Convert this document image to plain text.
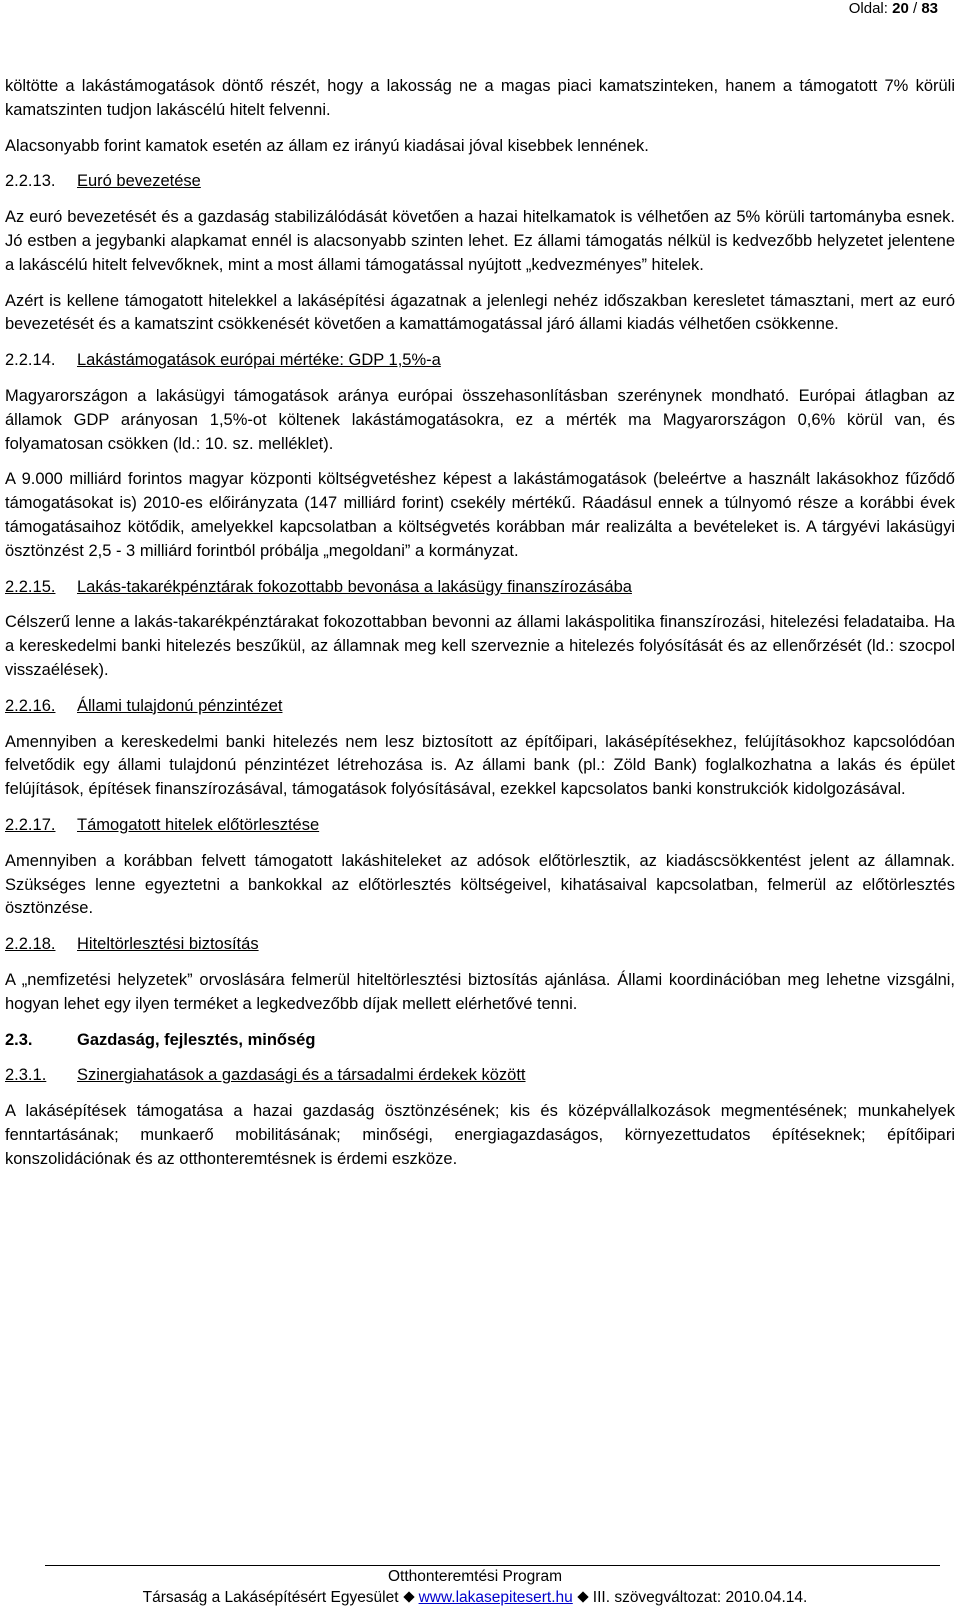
Oldal: 20 / 83

költötte a lakástámogatások döntő részét, hogy a lakosság ne a magas piaci kamatszinteken, hanem a támogatott 7% körüli kamatszinten tudjon lakáscélú hitelt felvenni.

Alacsonyabb forint kamatok esetén az állam ez irányú kiadásai jóval kisebbek lennének.

2.2.13.	Euró bevezetése

Az euró bevezetését és a gazdaság stabilizálódását követően a hazai hitelkamatok is vélhetően az 5% körüli tartományba esnek. Jó estben a jegybanki alapkamat ennél is alacsonyabb szinten lehet. Ez állami támogatás nélkül is kedvezőbb helyzetet jelentene a lakáscélú hitelt felvevőknek, mint a most állami támogatással nyújtott „kedvezményes” hitelek.

Azért is kellene támogatott hitelekkel a lakásépítési ágazatnak a jelenlegi nehéz időszakban keresletet támasztani, mert az euró bevezetését és a kamatszint csökkenését követően a kamattámogatással járó állami kiadás vélhetően csökkenne.

2.2.14.	Lakástámogatások európai mértéke: GDP 1,5%-a

Magyarországon a lakásügyi támogatások aránya európai összehasonlításban szerénynek mondható. Európai átlagban az államok GDP arányosan 1,5%-ot költenek lakástámogatásokra, ez a mérték ma Magyarországon 0,6% körül van, és folyamatosan csökken (ld.: 10. sz. melléklet).

A 9.000 milliárd forintos magyar központi költségvetéshez képest a lakástámogatások (beleértve a használt lakásokhoz fűződő támogatásokat is) 2010-es előirányzata (147 milliárd forint) csekély mértékű. Ráadásul ennek a túlnyomó része a korábbi évek támogatásaihoz kötődik, amelyekkel kapcsolatban a költségvetés korábban már realizálta a bevételeket is. A tárgyévi lakásügyi ösztönzést 2,5 - 3 milliárd forintból próbálja „megoldani” a kormányzat.

2.2.15.	Lakás-takarékpénztárak fokozottabb bevonása a lakásügy finanszírozásába

Célszerű lenne a lakás-takarékpénztárakat fokozottabban bevonni az állami lakáspolitika finanszírozási, hitelezési feladataiba. Ha a kereskedelmi banki hitelezés beszűkül, az államnak meg kell szerveznie a hitelezés folyósítását és az ellenőrzését (ld.: szocpol visszaélések).

2.2.16.	Állami tulajdonú pénzintézet

Amennyiben a kereskedelmi banki hitelezés nem lesz biztosított az építőipari, lakásépítésekhez, felújításokhoz kapcsolódóan felvetődik egy állami tulajdonú pénzintézet létrehozása is. Az állami bank (pl.: Zöld Bank) foglalkozhatna a lakás és épület felújítások, építések finanszírozásával, támogatások folyósításával, ezekkel kapcsolatos banki konstrukciók kidolgozásával.

2.2.17.	Támogatott hitelek előtörlesztése

Amennyiben a korábban felvett támogatott lakáshiteleket az adósok előtörlesztik, az kiadáscsökkentést jelent az államnak. Szükséges lenne egyeztetni a bankokkal az előtörlesztés költségeivel, kihatásaival kapcsolatban, felmerül az előtörlesztés ösztönzése.

2.2.18.	Hiteltörlesztési biztosítás

A „nemfizetési helyzetek” orvoslására felmerül hiteltörlesztési biztosítás ajánlása. Állami koordinációban meg lehetne vizsgálni, hogyan lehet egy ilyen terméket a legkedvezőbb díjak mellett elérhetővé tenni.

2.3.	Gazdaság, fejlesztés, minőség
2.3.1.	Szinergiahatások a gazdasági és a társadalmi érdekek között

A lakásépítések támogatása a hazai gazdaság ösztönzésének; kis és középvállalkozások megmentésének; munkahelyek fenntartásának; munkaerő mobilitásának; minőségi, energiagazdaságos, környezettudatos építéseknek; építőipari konszolidációnak és az otthonteremtésnek is érdemi eszköze.

Otthonteremtési Program
Társaság a Lakásépítésért Egyesület www.lakasepitesert.hu III. szövegváltozat: 2010.04.14.
